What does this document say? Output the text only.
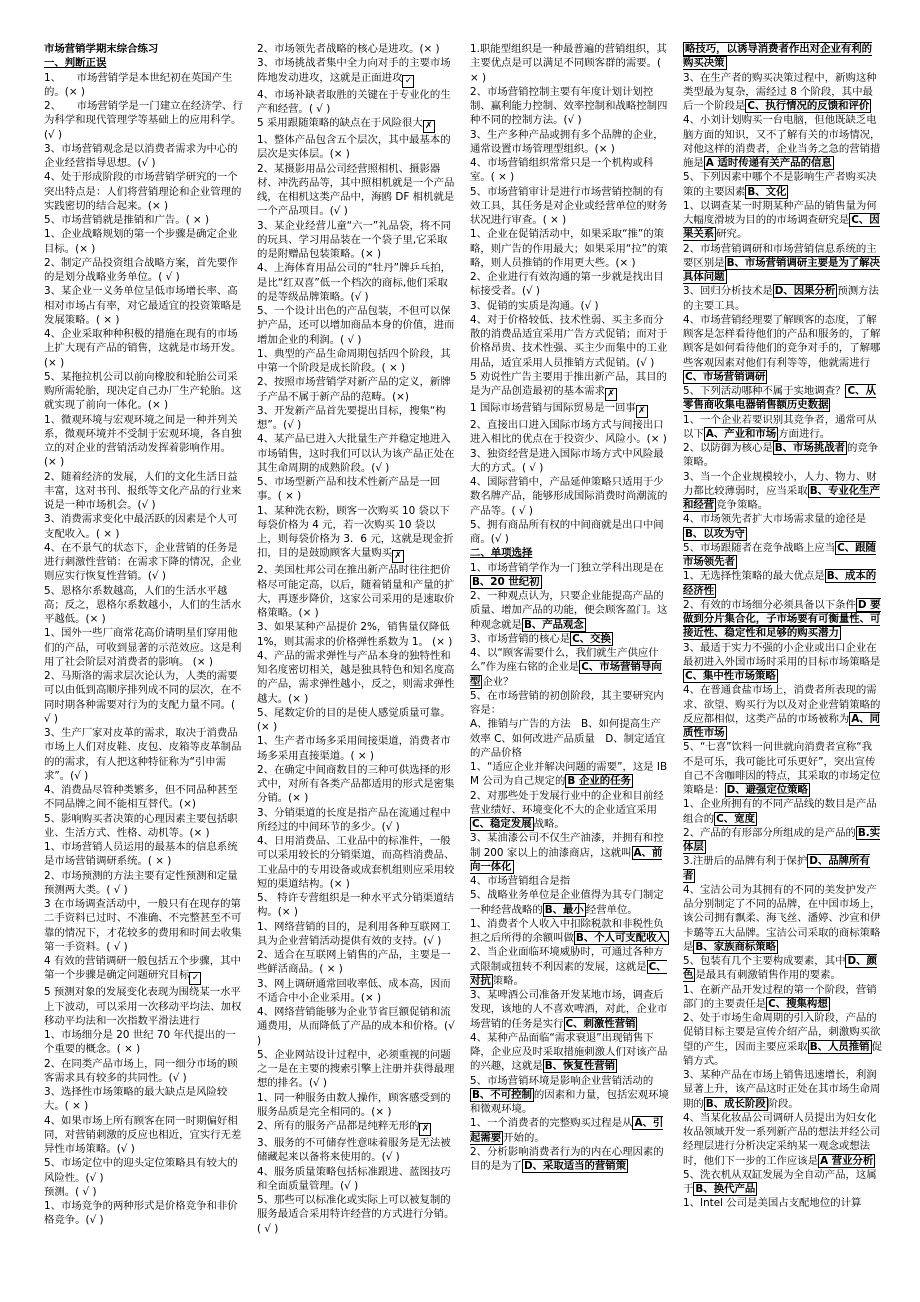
市场营销学期末综合练习

一、判断正误

1、　　市场营销学是本世纪初在英国产生的。(× )

2、　　市场营销学是一门建立在经济学、行为科学和现代管理学等基础上的应用科学。(√ )

3、市场营销观念是以消费者需求为中心的企业经营指导思想。(√ )

4、处于形成阶段的市场营销学研究的一个突出特点是：人们将营销理论和企业管理的实践密切的结合起来。(× )

5、市场营销就是推销和广告。( × )

1、企业战略规划的第一个步骤是确定企业目标。(× )

2、制定产品投资组合战略方案，首先要作的是划分战略业务单位。( √ )

3、某企业一义务单位呈低市场增长率、高相对市场占有率，对它最适宜的投资策略是发展策略。( × )

4、企业采取种种积极的措施在现有的市场上扩大现有产品的销售，这就是市场开发。(× )

5、某拖拉机公司以前向橡胶和轮胎公司采购所需轮胎，现决定自己办厂生产轮胎。这就实现了前向一体化。(× )

1、微观环境与宏观环境之间是一种并列关系，微观环境并不受制于宏观环境，各自独立的对企业的营销活动发挥着影响作用。(× )

2、随着经济的发展，人们的文化生活日益丰富，这对书刊、报纸等文化产品的行业来说是一种市场机会。(√ )

3、消费需求变化中最活跃的因素是个人可支配收入。( × )

4、在不景气的状态下，企业营销的任务是进行刺激性营销：在需求下降的情况，企业则应实行恢复性营销。(√ )

5、恩格尔系数越高，人们的生活水平越高；反之，恩格尔系数越小，人们的生活水平越低。(× )

1、国外一些厂商常花高价请明星们穿用他们的产品，可收到显著的示范效应。这是利用了社会阶层对消费者的影响。 (× )

2、马斯洛的需求层次论认为，人类的需要可以由低到高顺序排列成不同的层次，在不同时期各种需要对行为的支配力量不同。( √ )

3、生产厂家对皮革的需求，取决于消费品市场上人们对皮鞋、皮包、皮箱等皮革制品的的需求，有人把这种特征称为“引申需求”。(√ )

4、消费品尽管种类繁多，但不同品种甚至不同品牌之间不能相互替代。(×)

5、影响购买者决策的心理因素主要包括职业、生活方式、性格、动机等。(× )

1、市场营销人员运用的最基本的信息系统是市场营销调研系统。( × )

2、市场预测的方法主要有定性预测和定量预测两大类。( √ )

3 在市场调查活动中，一般只有在现存的第二手资料已过时、不准确、不完整甚至不可靠的情况下，才花较多的费用和时间去收集第一手资料。( √ )

4 有效的营销调研一般包括五个步骤，其中第一个步骤是确定问题研究目标 ✓

5 预测对象的发展变化表现为围绕某一水平上下波动，可以采用一次移动平均法、加权移动平均法和一次指数平滑法进行

1、市场细分是 20 世纪 70 年代提出的一个重要的概念。( × )

2、在同类产品市场上，同一细分市场的顾客需求具有较多的共同性。(√ )

3、选择性市场策略的最大缺点是风险较大。( × )

4、如果市场上所有顾客在同一时期偏好相同，对营销刺激的反应也相近，宜实行无差异性市场策略。(√ )

5、市场定位中的迎头定位策略具有较大的风险性。(√ )

预测。( √ )

1、市场竞争的两种形式是价格竞争和非价格竞争。(√ )

2、市场领先者战略的核心是进攻。(× )

3、市场挑战者集中全力向对手的主要市场阵地发动进攻，这就是正面进攻 ✓

4、市场补缺者取胜的关键在于专业化的生产和经营。( √ )

5 采用跟随策略的缺点在于风险很大 ✗

1、整体产品包含五个层次，其中最基本的层次是实体层。(× )

2、某摄影用品公司经营照相机、摄影器材、冲洗药品等，其中照相机就是一个产品线，在相机这类产品中，海鸥 DF 相机就是一个产品项目。(√ )

3、某企业经营儿童“六一”礼品袋，将不同的玩具、学习用品装在一个袋子里,它采取的是附赠品包装策略。(× )

4、上海体育用品公司的“牡丹”牌乒乓拍，是比“红双喜”低一个档次的商标,他们采取的是等级品牌策略。(√ )

5、一个设计出色的产品包装，不但可以保护产品，还可以增加商品本身的价值，进而增加企业的利润。( √ )

1、典型的产品生命周期包括四个阶段，其中第一个阶段是成长阶段。( × )

2、按照市场营销学对新产品的定义，新牌子产品不属于新产品的范畴。(×)

3、开发新产品首先要提出目标，搜集“构想”。(√ )

4、某产品已进入大批量生产并稳定地进入市场销售，这时我们可以认为该产品正处在其生命周期的成熟阶段。(√ )

5、市场型新产品和技术性新产品是一回事。( × )

1、某种洗衣粉，顾客一次购买 10 袋以下每袋价格为 4 元，若一次购买 10 袋以上，则每袋价格为 3．6 元，这就是现金折扣，目的是鼓励顾客大量购买 ✗

2、美国杜邦公司在推出新产品时往往把价格尽可能定高，以后，随着销量和产量的扩大，再逐步降价，这家公司采用的是速取价格策略。(× )

3、如果某种产品提价 2%，销售量仅降低 1%，则其需求的价格弹性系数为 1。 (× )

4、产品的需求弹性与产品本身的独特性和知名度密切相关，越是独具特色和知名度高的产品，需求弹性越小，反之，则需求弹性越大。(× )

5、尾数定价的目的是使人感觉质量可靠。(× )

1、生产者市场多采用间接渠道，消费者市场多采用直接渠道。( × )

2、在确定中间商数目的三种可供选择的形式中，对所有各类产品都适用的形式是密集分销。(× )

3、分销渠道的长度是指产品在流通过程中所经过的中间环节的多少。(√ )

4、日用消费品、工业品中的标准件，一般可以采用较长的分销渠道，而高档消费品、工业品中的专用设备或成套机组则应采用较短的渠道结构。(× )

5、 特许专营组织是一种水平式分销渠道结构。(× )

1、网络营销的目的，是利用各种互联网工具为企业营销活动提供有效的支持。(√ )

2、适合在互联网上销售的产品，主要是一些鲜活商品。( × )

3、网上调研通常回收率低、成本高，因而不适合中小企业采用。(× )

4、网络营销能够为企业节省巨额促销和流通费用，从而降低了产品的成本和价格。(√ )

5、企业网站设计过程中，必须重视的问题之一是在主要的搜索引擎上注册并获得最理想的排名。(√ )

1、同一种服务由数人操作，顾客感受到的服务品质是完全相同的。(× )

2、所有的服务产品都是纯粹无形的 ✗

3、服务的不可储存性意味着服务是无法被储藏起来以备将来使用的。(√ )

4、服务质量策略包括标准跟进、蓝图技巧和全面质量管理。(√ )

5、那些可以标准化或实际上可以被复制的服务最适合采用特许经营的方式进行分销。( √ )

1.职能型组织是一种最普遍的营销组织，其主要优点是可以满足不同顾客群的需要。( × )

2、市场营销控制主要有年度计划计划控制、赢利能力控制、效率控制和战略控制四种不同的控制方法。(√ )

3、生产多种产品或拥有多个品牌的企业，通常设置市场管理型组织。(× )

4、市场营销组织常常只是一个机构或科室。( × )

5、市场营销审计是进行市场营销控制的有效工具，其任务是对企业或经营单位的财务状况进行审查。( × )

1、企业在促销活动中，如果采取“推”的策略，则广告的作用最大；如果采用“拉”的策略，则人员推销的作用更大些。(× )

2、企业进行有效沟通的第一步就是找出目标接受者。(√ )

3、促销的实质是沟通。(√ )

4、对于价格较低、技术性弱、买主多而分散的消费品适宜采用广告方式促销；而对于价格昂贵、技术性强、买主少而集中的工业用品，适宜采用人员推销方式促销。(√ )

5 劝说性广告主要用于推出新产品，其目的是为产品创造最初的基本需求 ✗

1 国际市场营销与国际贸易是一回事 ✗

2、直接出口进入国际市场方式与间接出口进入相比的优点在于投资少、风险小。(× )

3、独资经营是进入国际市场方式中风险最大的方式。( √ )

4、国际营销中，产品延伸策略只适用于少数名牌产品，能够形成国际消费时尚潮流的产品等。( √ )

5、拥有商品所有权的中间商就是出口中间商。(√ )

二、单项选择

1、市场营销学作为一门独立学科出现是在B、20 世纪初

2、一种观点认为，只要企业能提高产品的质量、增加产品的功能，便会顾客盈门。这种观念就是 B、产品观念

3、市场营销的核心是 C、交换

4、以“顾客需要什么，我们就生产供应什么”作为座右铭的企业是 C、市场营销导向型 企业？

5、在市场营销的初创阶段，其主要研究内容是：

A、推销与广告的方法　B、如何提高生产效率 C、如何改进产品质量　D、制定适宜的产品价格

1、“适应企业并解决问题的需要”，这是 IBM 公司为自己规定的 B 企业的任务

2、对那些处于发展行业中的企业和目前经营业绩好、环境变化不大的企业适宜采用C、稳定发展 战略。

3、某油漆公司不仅生产油漆，并拥有和控制 200 家以上的油漆商店，这就叫 A、前向一体化

4、市场营销组合是指

5、战略业务单位是企业值得为其专门制定一种经营战略的 B、最小 经营单位。

1、消费者个人收入中扣除税款和非税性负担之后所得的余额叫做 B、个人可支配收入

2、当企业面临环境威胁时，可通过各种方式限制或扭转不利因素的发展，这就是 C、对抗 策略。

3、某啤酒公司准备开发某地市场，调查后发现，该地的人不喜欢啤酒，对此，企业市场营销的任务是实行 C、刺激性营销

4、某种产品面临“需求衰退”出现销售下降，企业应及时采取措施刺激人们对该产品的兴趣，这就是 B、恢复性营销

5、市场营销环境是影响企业营销活动的B、不可控制 的因素和力量，包括宏观环境和微观环境。

1、一个消费者的完整购买过程是从 A、引起需要 开始的。

2、分析影响消费者行为的内在心理因素的目的是为了 D、采取适当的营销策

略技巧，以诱导消费者作出对企业有利的购买决策

3、在生产者的购买决策过程中，新购这种类型最为复杂，需经过 8 个阶段，其中最后一个阶段是 C、执行情况的反馈和评价

4、小刘计划购买一台电脑，但他既缺乏电脑方面的知识，又不了解有关的市场情况，对他这样的消费者，企业当务之急的营销措施是 A 适时传递有关产品的信息

5、下列因素中哪个不是影响生产者购买决策的主要因素 B、文化

1、以调查某一时期某种产品的销售量为何大幅度滑坡为目的的市场调查研究是 C、因果关系 研究。

2、市场营销调研和市场营销信息系统的主要区别是 B、市场营销调研主要是为了解决具体问题

3、回归分析技术是 D、因果分析 预测方法的主要工具。

4、市场营销经理要了解顾客的态度，了解顾客是怎样看待他们的产品和服务的，了解顾客是如何看待他们的竞争对手的，了解哪些客观因素对他们有利等等，他就需进行C、市场营销调研

5、下列活动哪种不属于实地调查？ C、从零售商收集电器销售额历史数据

1、一个企业若要识别其竞争者，通常可从以下 A、产业和市场 方面进行。

2、以防御为核心是 B、市场挑战者 的竞争策略。

3、当一个企业规模较小，人力、物力、财力都比较薄弱时，应当采取 B、专业化生产和经营 竞争策略。

4、市场领先者扩大市场需求量的途径是B、以攻为守

5、市场跟随者在竞争战略上应当 C、跟随市场领先者

1、无选择性策略的最大优点是 B、成本的经济性

2、有效的市场细分必须具备以下条件 D 要做到分片集合化，子市场要有可衡量性、可接近性、稳定性和足够的购买潜力

3、最适于实力不强的小企业或出口企业在最初进入外国市场时采用的目标市场策略是C、集中性市场策略

4、在普通食盐市场上，消费者所表现的需求、欲望、购买行为以及对企业营销策略的反应都相似，这类产品的市场被称为 A、同质性市场

5、“七喜”饮料一问世就向消费者宣称“我不是可乐，我可能比可乐更好”，突出宣传自己不含咖啡因的特点，其采取的市场定位策略是： D、避强定位策略

1、企业所拥有的不同产品线的数目是产品组合的 C、宽度

2、产品的有形部分所组成的是产品的 B.实体层

3.注册后的品牌有利于保护 D、品牌所有者

4、宝洁公司为其拥有的不同的美发护发产品分别制定了不同的品牌，在中国市场上，该公司拥有飘柔、海飞丝、潘婷、沙宣和伊卡璐等五大品牌。宝洁公司采取的商标策略是 B、家族商标策略

5、包装有几个主要构成要素，其中 D、颜色 是最具有刺激销售作用的要素。

1、在新产品开发过程的第一个阶段，营销部门的主要责任是 C、搜集构想

2、处于市场生命周期的引入阶段，产品的促销目标主要是宣传介绍产品，刺激购买欲望的产生，因而主要应采取 B、人员推销 促销方式。

3、某种产品在市场上销售迅速增长，利润显著上升，该产品这时正处在其市场生命周期的 B、成长阶段 阶段。

4、当某化妆品公司调研人员提出为妇女化妆品领域开发一系列新产品的想法并经公司经理层进行分析决定采纳某一观念或想法时，他们下一步的工作应该是 A 营业分析

5、洗衣机从双缸发展为全自动产品，这属于 B、换代产品

1、Intel 公司是美国占支配地位的计算
